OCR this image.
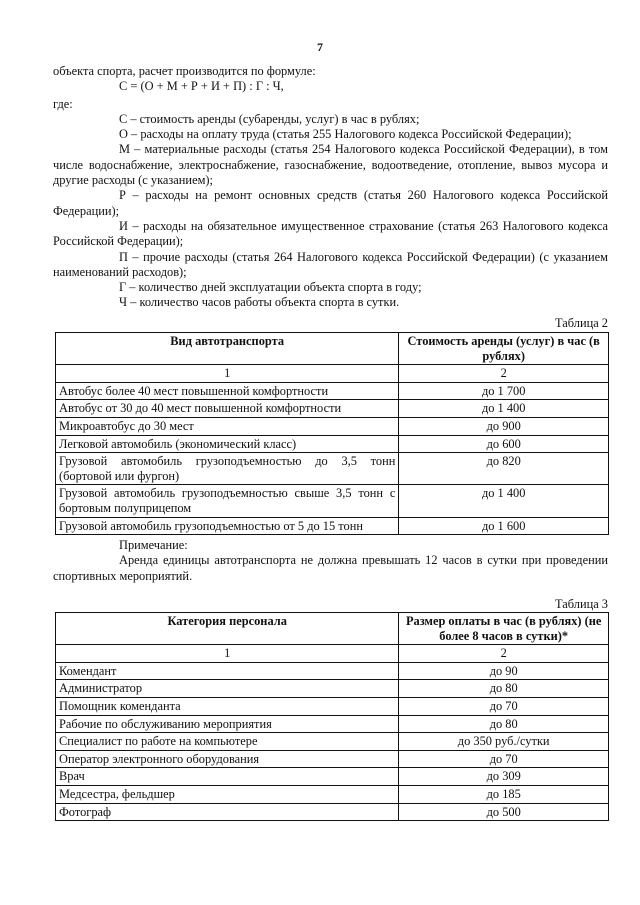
7

объекта спорта, расчет производится по формуле:

С = (О + М + Р + И + П) : Г : Ч,

где:

С – стоимость аренды (субаренды, услуг) в час в рублях;

О – расходы на оплату труда (статья 255 Налогового кодекса Российской Федерации);

М – материальные расходы (статья 254 Налогового кодекса Российской Федерации), в том числе водоснабжение, электроснабжение, газоснабжение, водоотведение, отопление, вывоз мусора и другие расходы (с указанием);

Р – расходы на ремонт основных средств (статья 260 Налогового кодекса Российской Федерации);

И – расходы на обязательное имущественное страхование (статья 263 Налогового кодекса Российской Федерации);

П – прочие расходы (статья 264 Налогового кодекса Российской Федерации) (с указанием наименований расходов);

Г – количество дней эксплуатации объекта спорта в году;

Ч – количество часов работы объекта спорта в сутки.

Таблица 2
Вид автотранспорта	Стоимость аренды (услуг) в час (в рублях)
1	2
Автобус более 40 мест повышенной комфортности	до 1 700
Автобус от 30 до 40 мест повышенной комфортности	до 1 400
Микроавтобус до 30 мест	до 900
Легковой автомобиль (экономический класс)	до 600
Грузовой автомобиль грузоподъемностью до 3,5 тонн (бортовой или фургон)	до 820
Грузовой автомобиль грузоподъемностью свыше 3,5 тонн с бортовым полуприцепом	до 1 400
Грузовой автомобиль грузоподъемностью от 5 до 15 тонн	до 1 600

Примечание:

Аренда единицы автотранспорта не должна превышать 12 часов в сутки при проведении спортивных мероприятий.

Таблица 3
Категория персонала	Размер оплаты в час (в рублях) (не более 8 часов в сутки)*
1	2
Комендант	до 90
Администратор	до 80
Помощник коменданта	до 70
Рабочие по обслуживанию мероприятия	до 80
Специалист по работе на компьютере	до 350 руб./сутки
Оператор электронного оборудования	до 70
Врач	до 309
Медсестра, фельдшер	до 185
Фотограф	до 500
